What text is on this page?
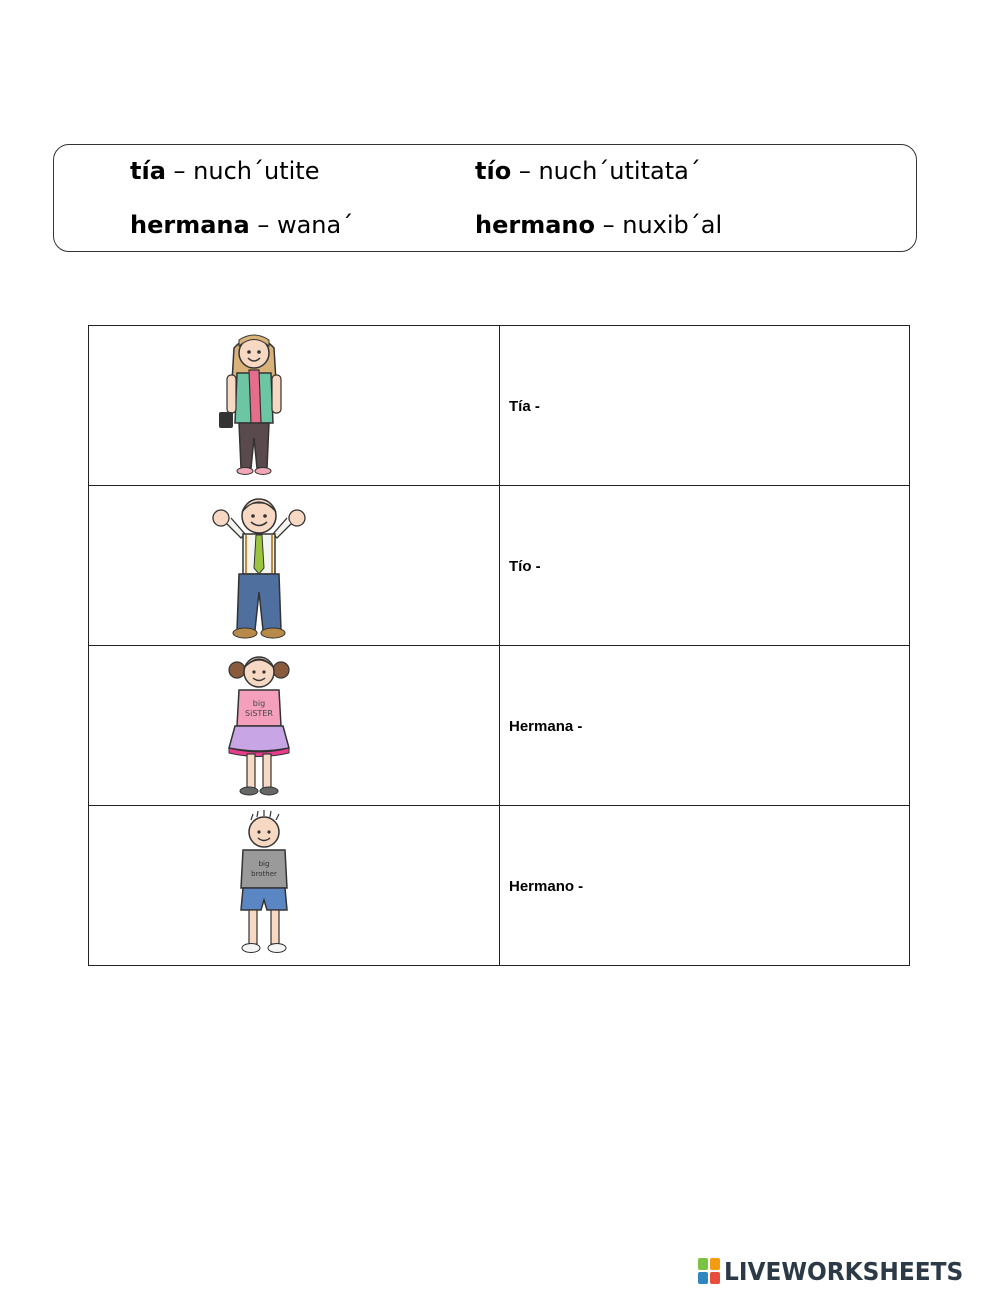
tía – nuch´utite	tío – nuch´utitata´
hermana – wana´	hermano – nuxib´al
	Tía -

	Tío -

big
SiSTER	Hermana -

big
brother	Hermano -
LIVEWORKSHEETS
